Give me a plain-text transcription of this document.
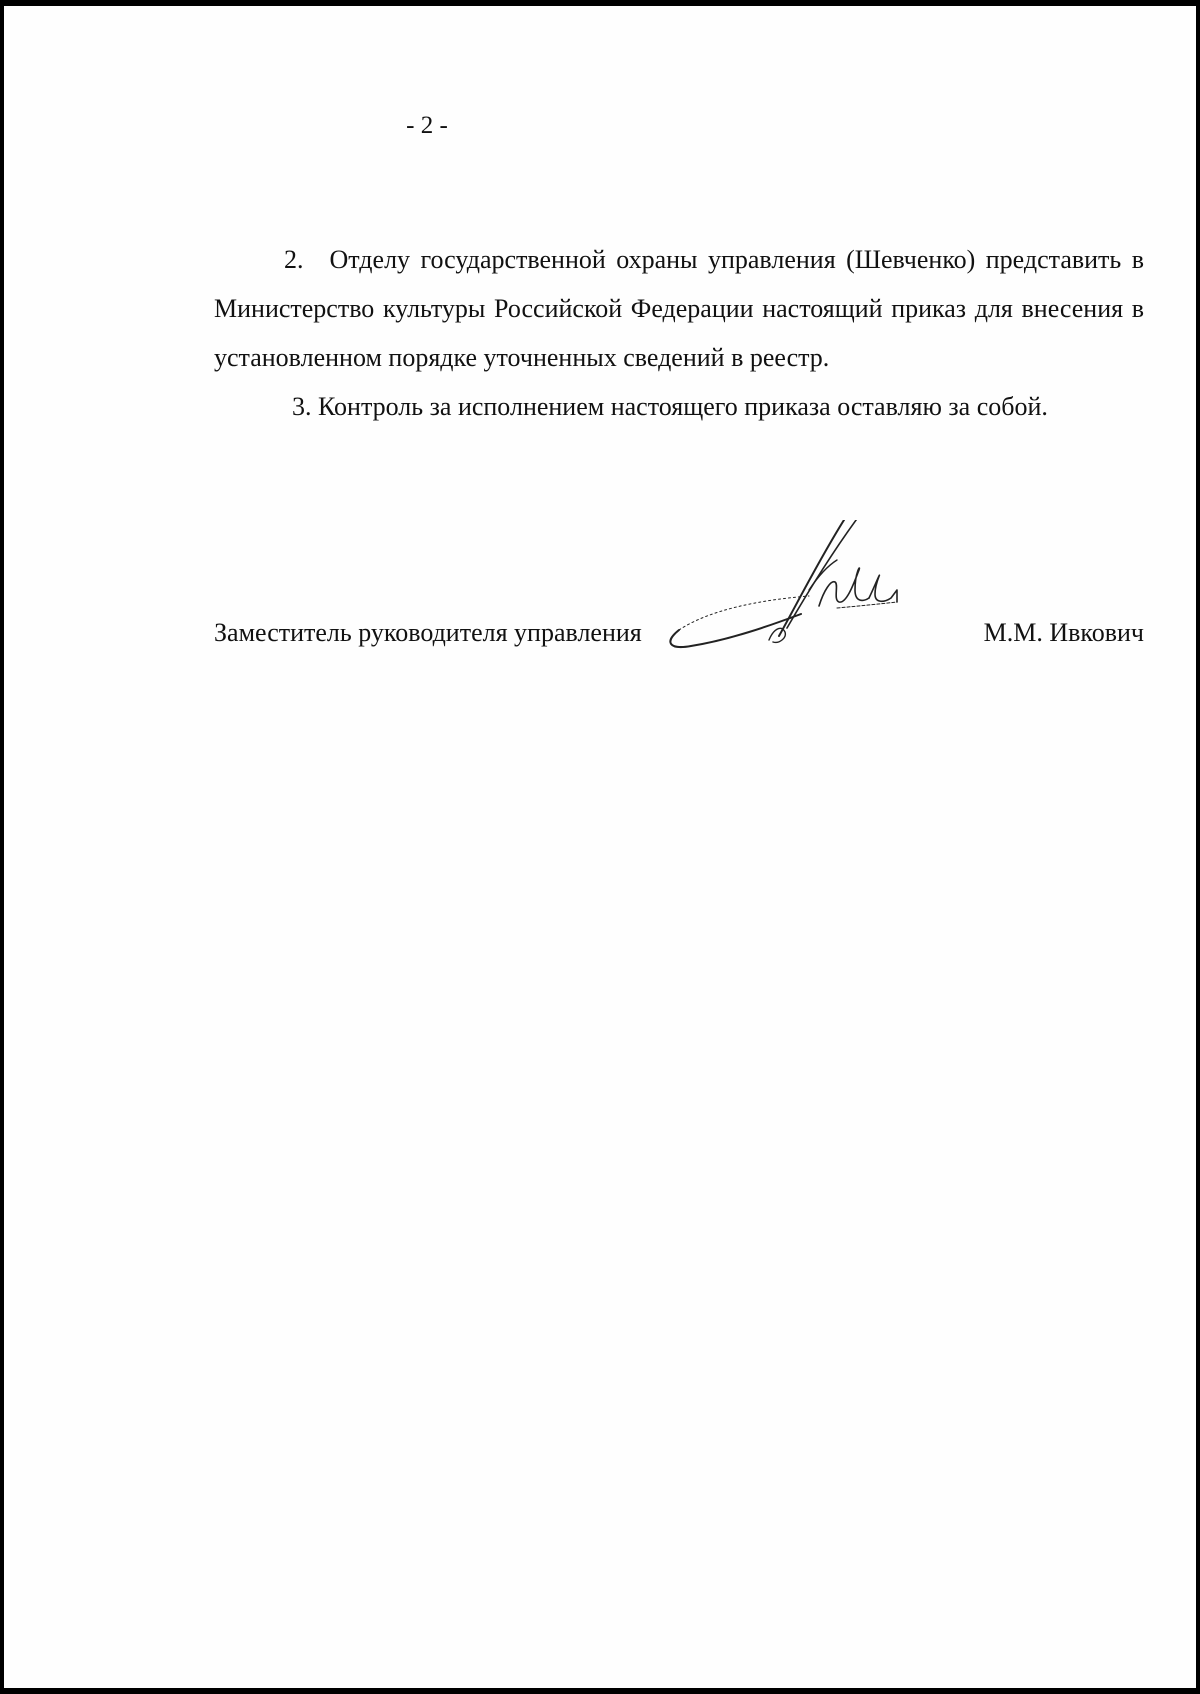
- 2 -

2. Отделу государственной охраны управления (Шевченко) представить в Министерство культуры Российской Федерации настоящий приказ для внесения в установленном порядке уточненных сведений в реестр.

3. Контроль за исполнением настоящего приказа оставляю за собой.

Заместитель руководителя управления	М.М. Ивкович
